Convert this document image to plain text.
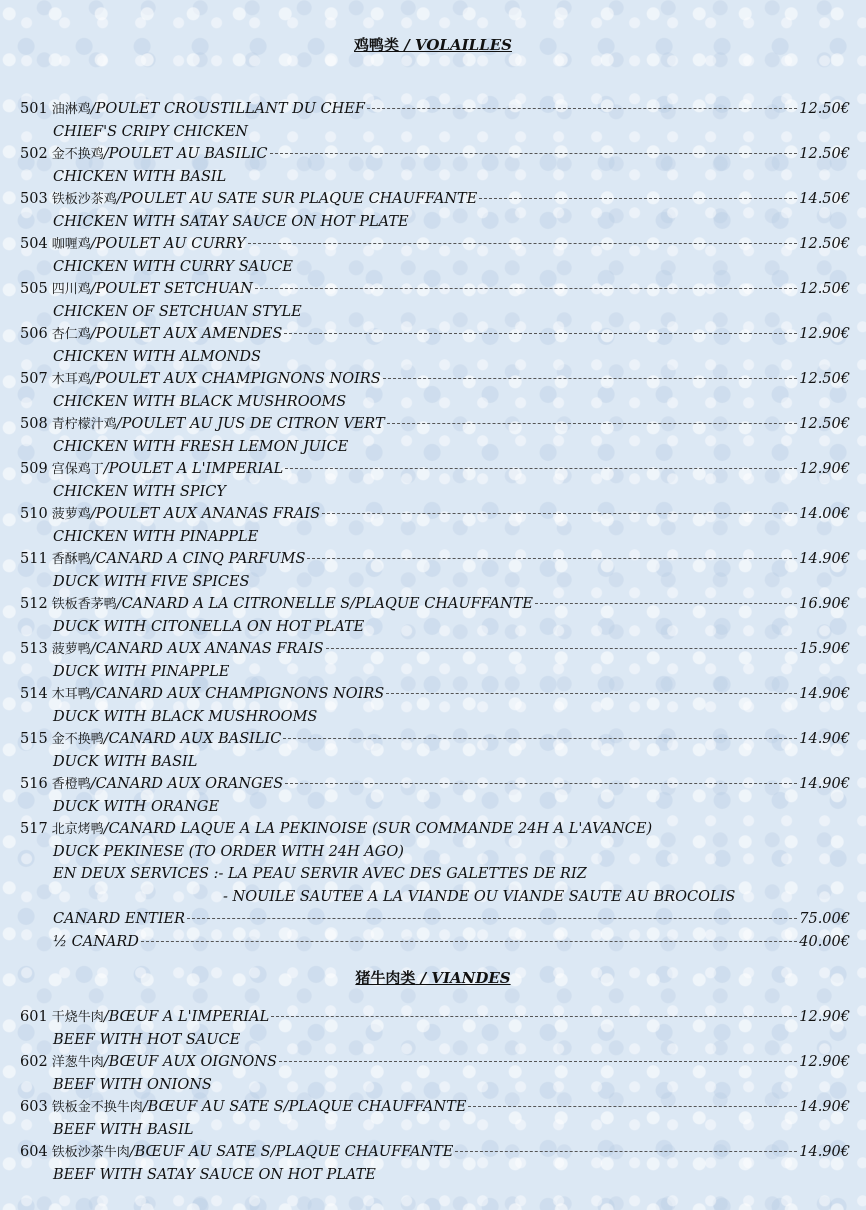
鸡鸭类 / VOLAILLES
501 油淋鸡 /POULET CROUSTILLANT DU CHEF	12.50€
CHIEF'S CRIPY CHICKEN
502 金不换鸡 /POULET AU BASILIC	12.50€
CHICKEN WITH BASIL
503 铁板沙茶鸡 /POULET AU SATE SUR PLAQUE CHAUFFANTE	14.50€
CHICKEN WITH SATAY SAUCE ON HOT PLATE
504 咖喱鸡 /POULET AU CURRY	12.50€
CHICKEN WITH CURRY SAUCE
505 四川鸡 /POULET SETCHUAN	12.50€
CHICKEN OF SETCHUAN STYLE
506 杏仁鸡 /POULET AUX AMENDES	12.90€
CHICKEN WITH ALMONDS
507 木耳鸡 /POULET AUX CHAMPIGNONS NOIRS	12.50€
CHICKEN WITH BLACK MUSHROOMS
508 青柠檬汁鸡 /POULET AU JUS DE CITRON VERT	12.50€
CHICKEN WITH FRESH LEMON JUICE
509 宫保鸡丁 /POULET A L'IMPERIAL	12.90€
CHICKEN WITH SPICY
510 菠萝鸡 /POULET AUX ANANAS FRAIS	14.00€
CHICKEN WITH PINAPPLE
511 香酥鸭 /CANARD A CINQ PARFUMS	14.90€
DUCK WITH FIVE SPICES
512 铁板香茅鸭 /CANARD A LA CITRONELLE S/PLAQUE CHAUFFANTE	16.90€
DUCK WITH CITONELLA ON HOT PLATE
513 菠萝鸭 /CANARD AUX ANANAS FRAIS	15.90€
DUCK WITH PINAPPLE
514 木耳鸭 /CANARD AUX CHAMPIGNONS NOIRS	14.90€
DUCK WITH BLACK MUSHROOMS
515 金不换鸭 /CANARD AUX BASILIC	14.90€
DUCK WITH BASIL
516 香橙鸭 /CANARD AUX ORANGES	14.90€
DUCK WITH ORANGE
517 北京烤鸭 /CANARD LAQUE A LA PEKINOISE (SUR COMMANDE 24H A L'AVANCE)
DUCK PEKINESE (TO ORDER WITH 24H AGO)
EN DEUX SERVICES : - LA PEAU SERVIR AVEC DES GALETTES DE RIZ
- NOUILE SAUTEE A LA VIANDE OU VIANDE SAUTE AU BROCOLIS
CANARD ENTIER	75.00€
½ CANARD	40.00€
猪牛肉类 / VIANDES
601 干烧牛肉 /BŒUF A L'IMPERIAL	12.90€
BEEF WITH HOT SAUCE
602 洋葱牛肉 /BŒUF AUX OIGNONS	12.90€
BEEF WITH ONIONS
603 铁板金不换牛肉 /BŒUF AU SATE S/PLAQUE CHAUFFANTE	14.90€
BEEF WITH BASIL
604 铁板沙茶牛肉 /BŒUF AU SATE S/PLAQUE CHAUFFANTE	14.90€
BEEF WITH SATAY SAUCE ON HOT PLATE
